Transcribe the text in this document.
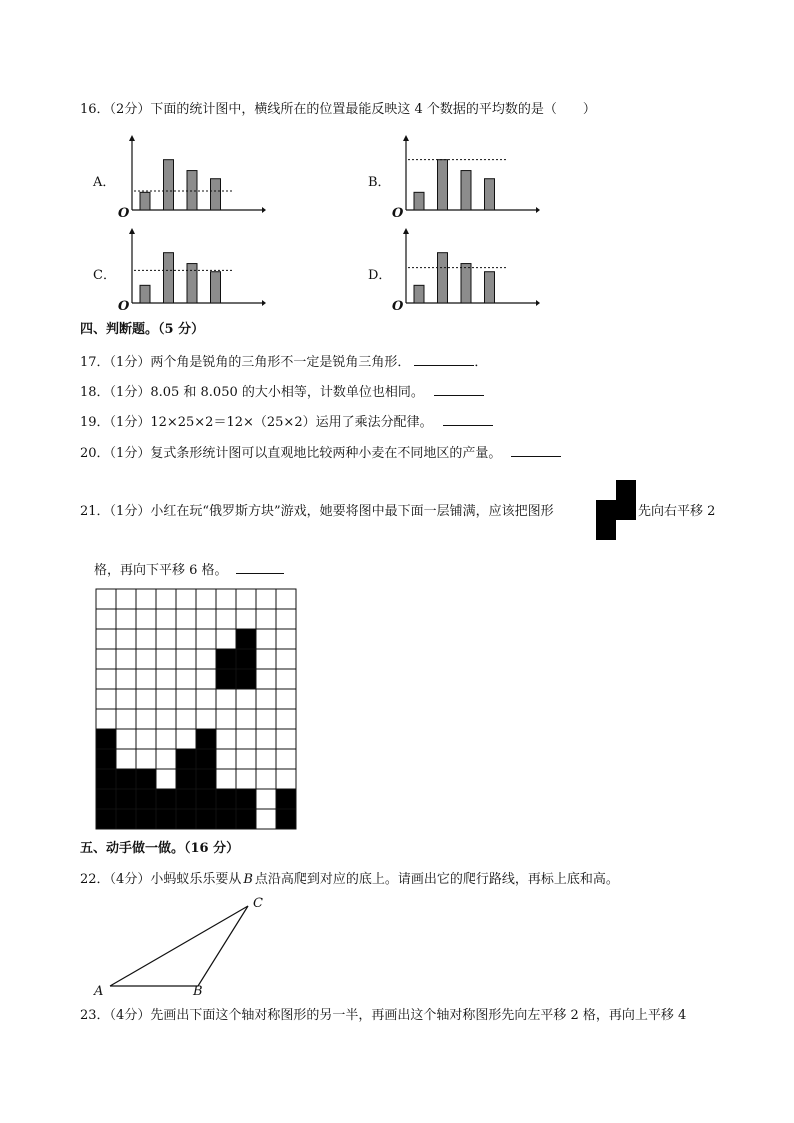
16．（2分）下面的统计图中，横线所在的位置最能反映这 4 个数据的平均数的是（　　）
A．
O
B．
O
C．
O
D．
O
四、判断题。（5 分）
17．（1分）两个角是锐角的三角形不一定是锐角三角形．	．
18．（1分）8.05 和 8.050 的大小相等，计数单位也相同。
19．（1分）12×25×2＝12×（25×2）运用了乘法分配律。
20．（1分）复式条形统计图可以直观地比较两种小麦在不同地区的产量。
21．（1分）小红在玩“俄罗斯方块”游戏，她要将图中最下面一层铺满，应该把图形	先向右平移 2
格，再向下平移 6 格。
五、动手做一做。（16 分）
22．（4分）小蚂蚁乐乐要从 B 点沿高爬到对应的底上。请画出它的爬行路线，再标上底和高。
A	B
C
23．（4分）先画出下面这个轴对称图形的另一半，再画出这个轴对称图形先向左平移 2 格，再向上平移 4
